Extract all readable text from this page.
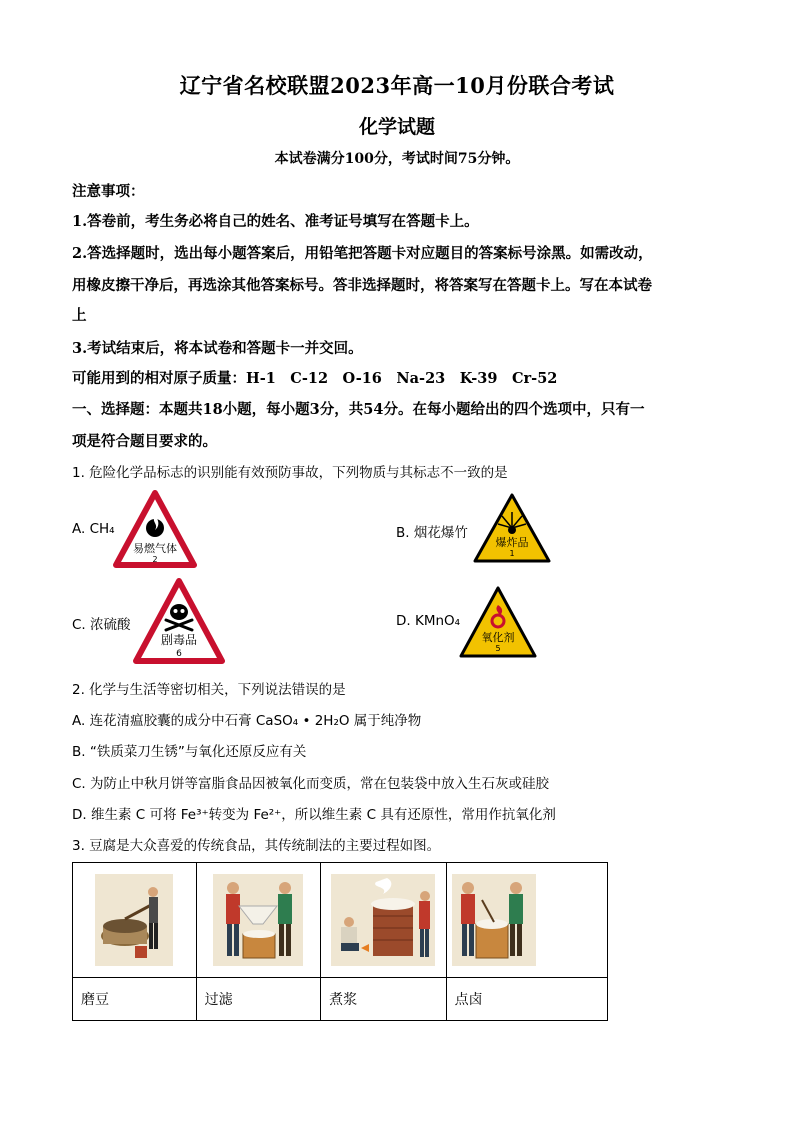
辽宁省名校联盟2023年高一10月份联合考试
化学试题
本试卷满分100分，考试时间75分钟。
注意事项：
1.答卷前，考生务必将自己的姓名、准考证号填写在答题卡上。
2.答选择题时，选出每小题答案后，用铅笔把答题卡对应题目的答案标号涂黑。如需改动，
用橡皮擦干净后，再选涂其他答案标号。答非选择题时，将答案写在答题卡上。写在本试卷
上
3.考试结束后，将本试卷和答题卡一并交回。
可能用到的相对原子质量：H-1　C-12　O-16　Na-23　K-39　Cr-52
一、选择题：本题共18小题，每小题3分，共54分。在每小题给出的四个选项中，只有一
项是符合题目要求的。
1. 危险化学品标志的识别能有效预防事故，下列物质与其标志不一致的是
A. CH₄
易燃气体
2
B. 烟花爆竹
爆炸品
1
C. 浓硫酸
剧毒品
6
D. KMnO₄
氧化剂
5
2. 化学与生活等密切相关，下列说法错误的是
A. 连花清瘟胶囊的成分中石膏 CaSO₄ • 2H₂O 属于纯净物
B. “铁质菜刀生锈”与氧化还原反应有关
C. 为防止中秋月饼等富脂食品因被氧化而变质，常在包装袋中放入生石灰或硅胶
D. 维生素 C 可将 Fe³⁺转变为 Fe²⁺，所以维生素 C 具有还原性，常用作抗氧化剂
3. 豆腐是大众喜爱的传统食品，其传统制法的主要过程如图。

磨豆	过滤	煮浆	点卤
